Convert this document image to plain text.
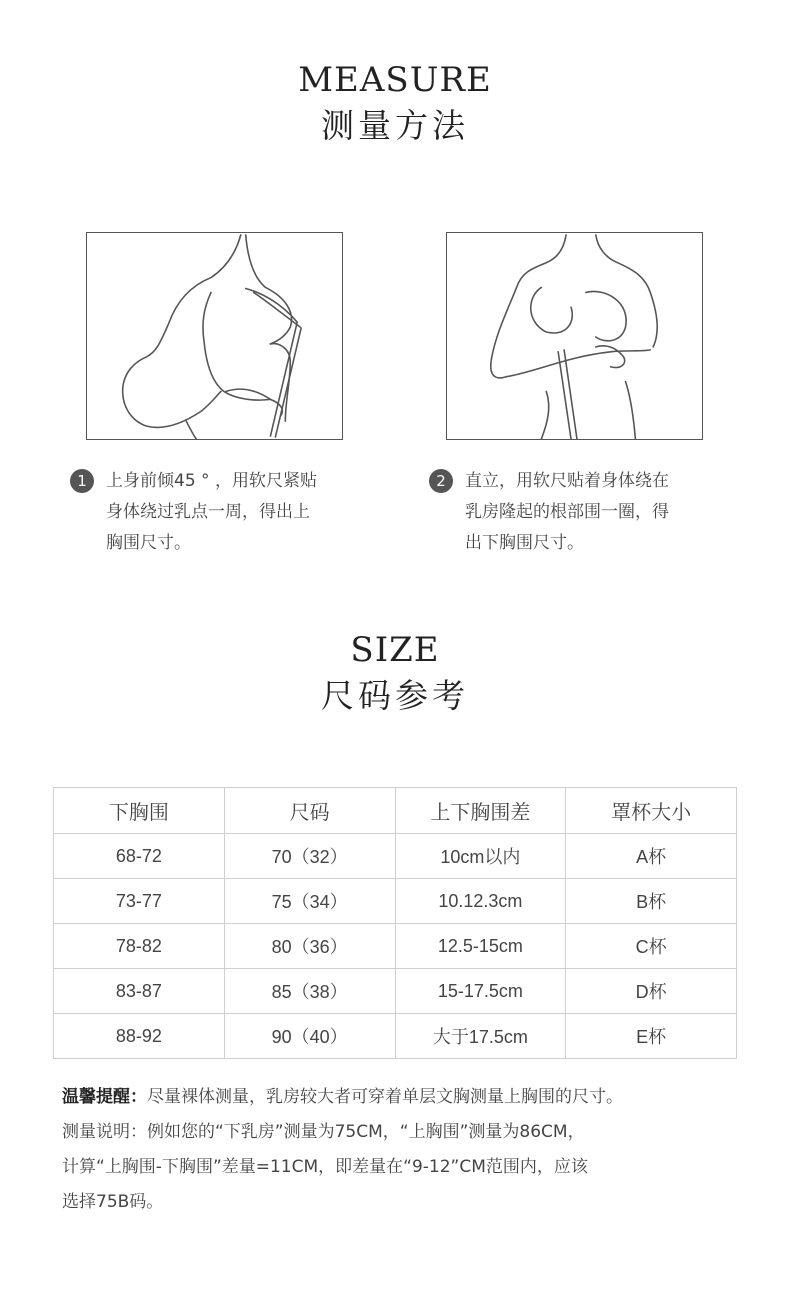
MEASURE
测量方法
1	上身前倾45 ° ，用软尺紧贴
身体绕过乳点一周，得出上
胸围尺寸。
2	直立，用软尺贴着身体绕在
乳房隆起的根部围一圈，得
出下胸围尺寸。
SIZE
尺码参考
下胸围	尺码	上下胸围差	罩杯大小
68-72	70（32）	10cm以内	A杯
73-77	75（34）	10.12.3cm	B杯
78-82	80（36）	12.5-15cm	C杯
83-87	85（38）	15-17.5cm	D杯
88-92	90（40）	大于17.5cm	E杯
温馨提醒：尽量裸体测量，乳房较大者可穿着单层文胸测量上胸围的尺寸。
测量说明：例如您的“下乳房”测量为75CM，“上胸围”测量为86CM，
计算“上胸围-下胸围”差量=11CM，即差量在“9-12”CM范围内，应该
选择75B码。
